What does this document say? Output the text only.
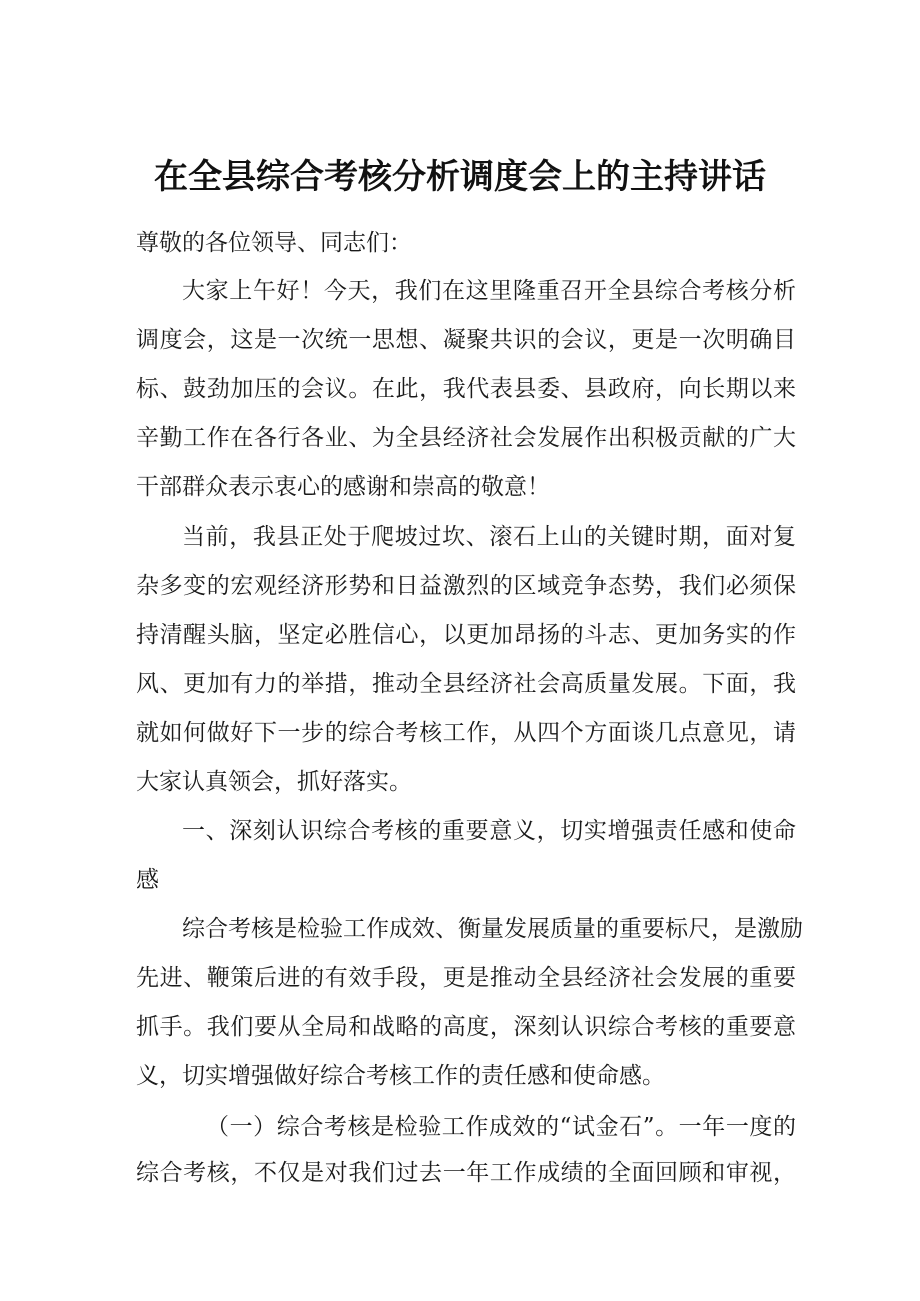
在全县综合考核分析调度会上的主持讲话
尊敬的各位领导、同志们：
大家上午好！今天，我们在这里隆重召开全县综合考核分析
调度会，这是一次统一思想、凝聚共识的会议，更是一次明确目
标、鼓劲加压的会议。在此，我代表县委、县政府，向长期以来
辛勤工作在各行各业、为全县经济社会发展作出积极贡献的广大
干部群众表示衷心的感谢和崇高的敬意！
当前，我县正处于爬坡过坎、滚石上山的关键时期，面对复
杂多变的宏观经济形势和日益激烈的区域竞争态势，我们必须保
持清醒头脑，坚定必胜信心，以更加昂扬的斗志、更加务实的作
风、更加有力的举措，推动全县经济社会高质量发展。下面，我
就如何做好下一步的综合考核工作，从四个方面谈几点意见，请
大家认真领会，抓好落实。
一、深刻认识综合考核的重要意义，切实增强责任感和使命
感
综合考核是检验工作成效、衡量发展质量的重要标尺，是激励
先进、鞭策后进的有效手段，更是推动全县经济社会发展的重要
抓手。我们要从全局和战略的高度，深刻认识综合考核的重要意
义，切实增强做好综合考核工作的责任感和使命感。
（一）综合考核是检验工作成效的“试金石”。一年一度的
综合考核，不仅是对我们过去一年工作成绩的全面回顾和审视，
